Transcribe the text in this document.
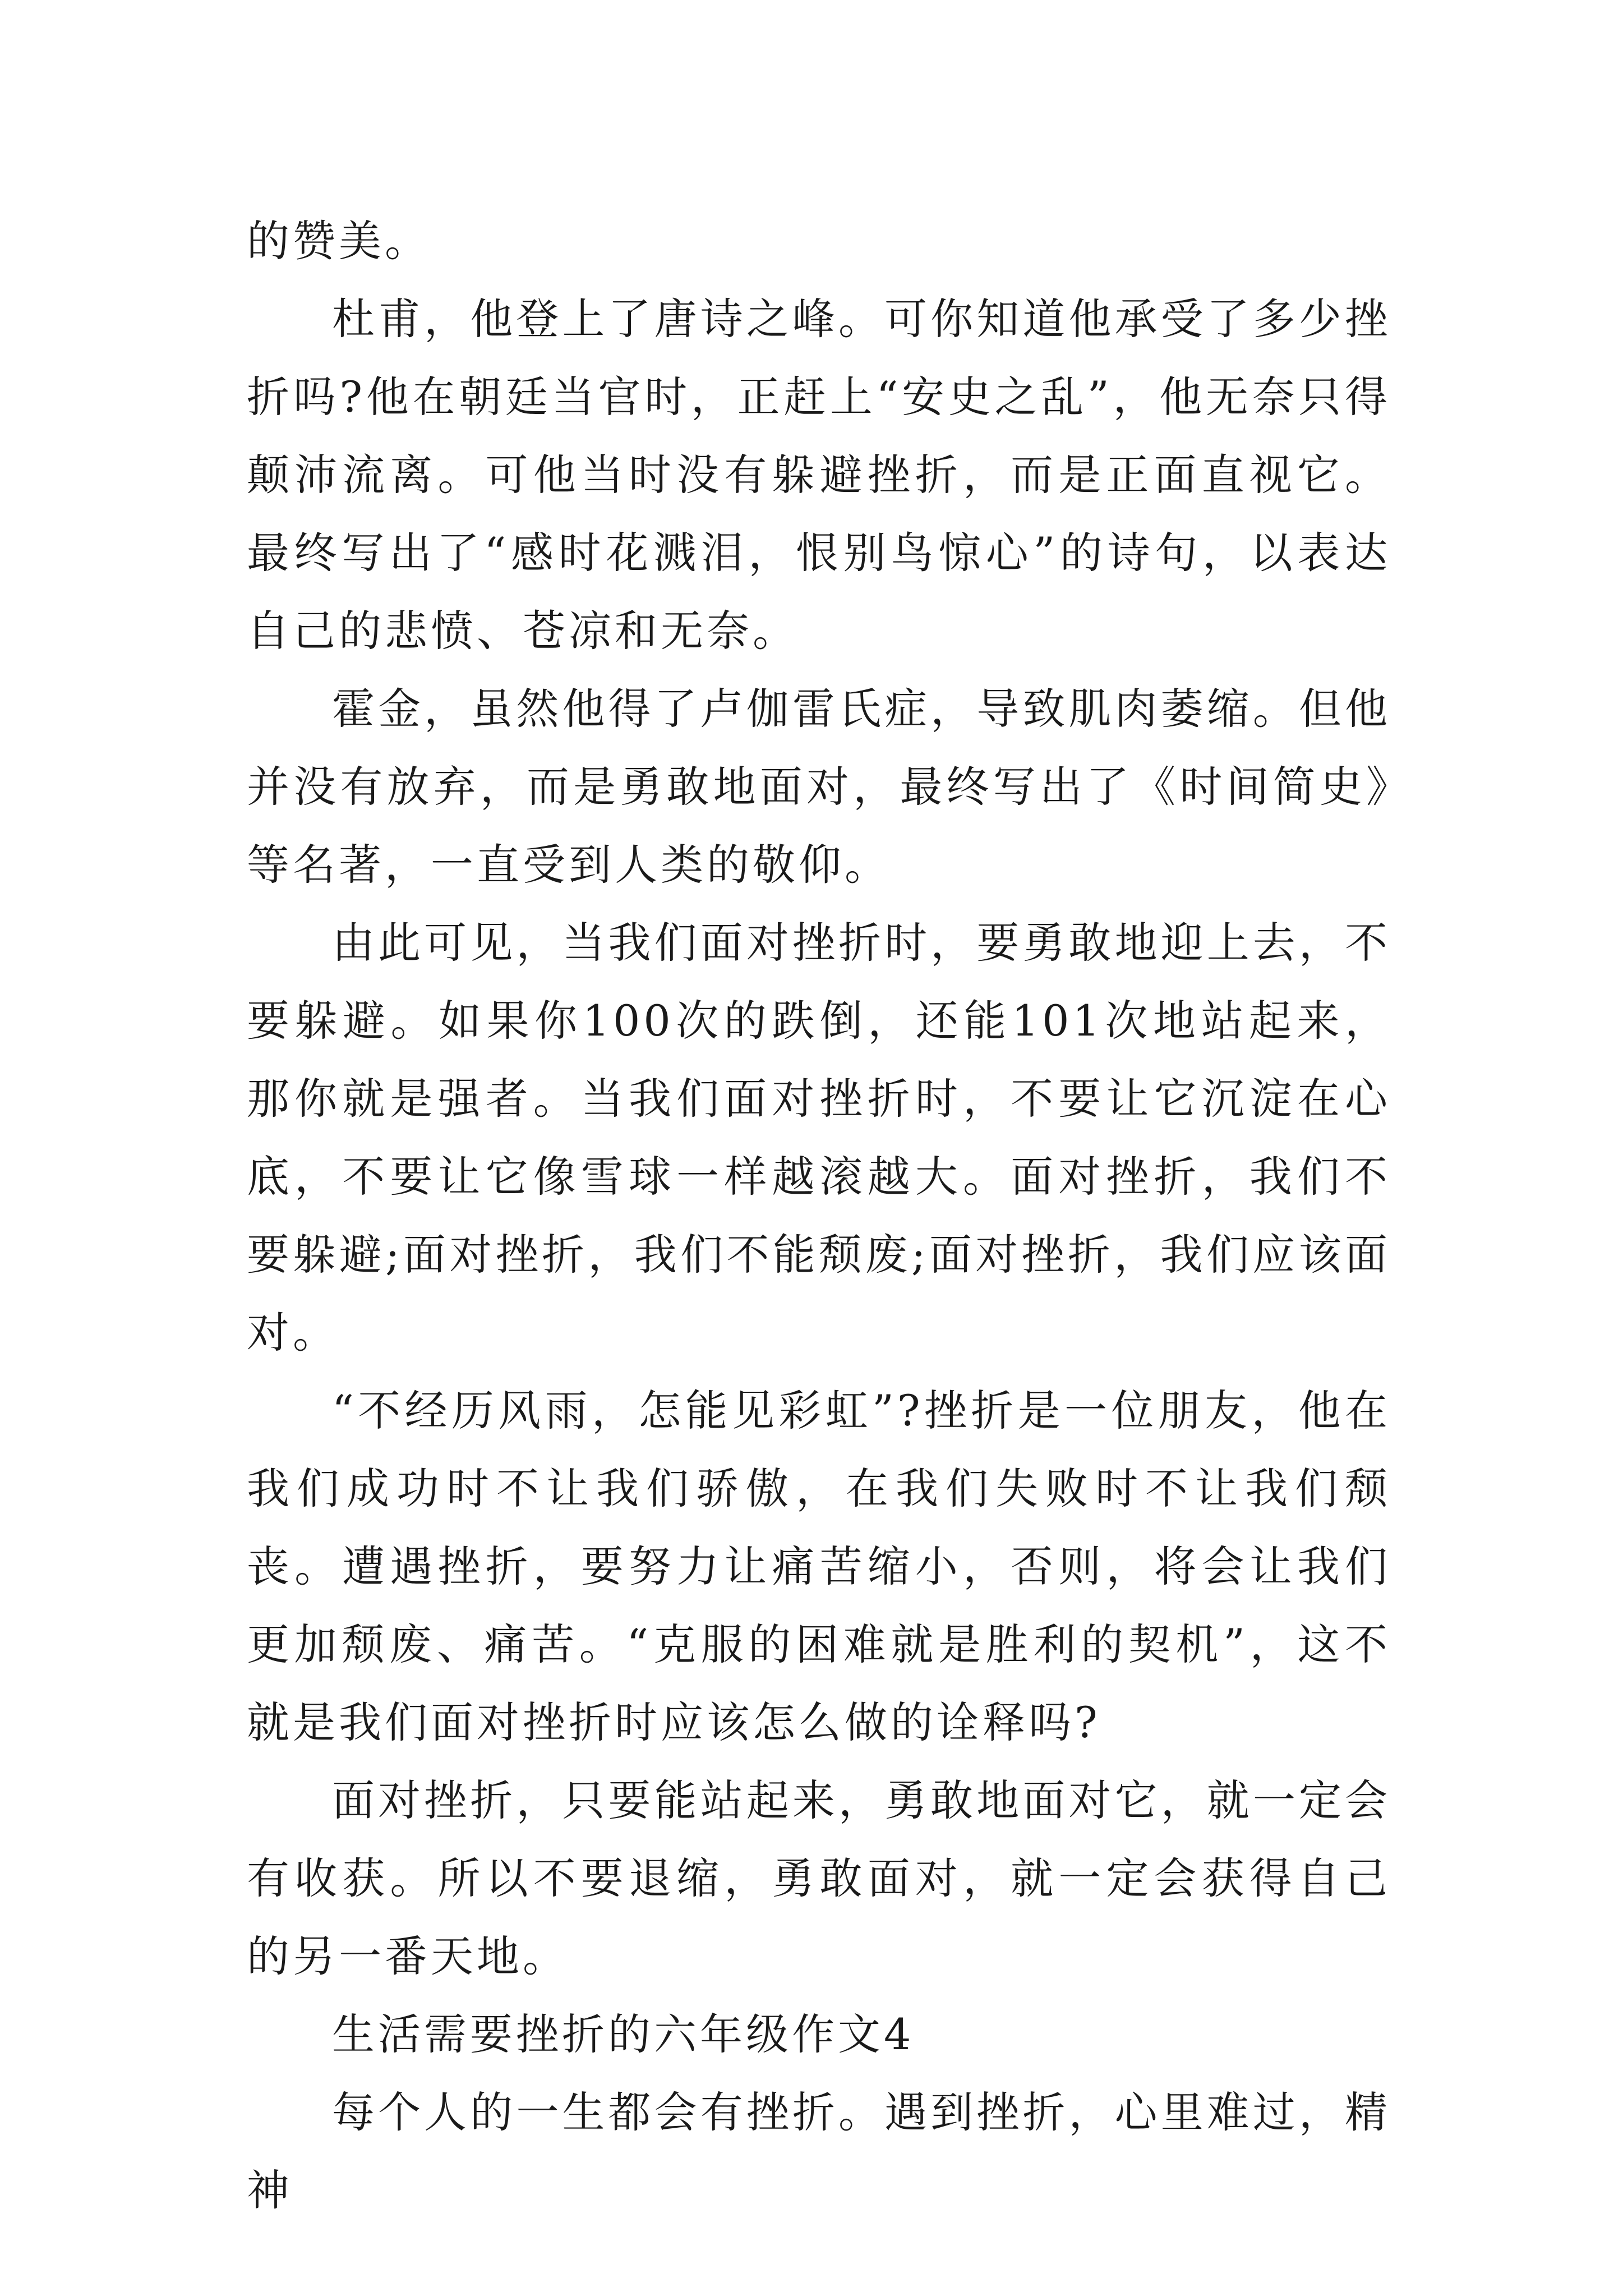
的赞美。

杜甫，他登上了唐诗之峰。可你知道他承受了多少挫折吗?他在朝廷当官时，正赶上“安史之乱”，他无奈只得颠沛流离。可他当时没有躲避挫折，而是正面直视它。最终写出了“感时花溅泪，恨别鸟惊心”的诗句，以表达自己的悲愤、苍凉和无奈。

霍金，虽然他得了卢伽雷氏症，导致肌肉萎缩。但他并没有放弃，而是勇敢地面对，最终写出了《时间简史》等名著，一直受到人类的敬仰。

由此可见，当我们面对挫折时，要勇敢地迎上去，不要躲避。如果你100次的跌倒，还能101次地站起来，那你就是强者。当我们面对挫折时，不要让它沉淀在心底，不要让它像雪球一样越滚越大。面对挫折，我们不要躲避;面对挫折，我们不能颓废;面对挫折，我们应该面对。

“不经历风雨，怎能见彩虹”?挫折是一位朋友，他在我们成功时不让我们骄傲，在我们失败时不让我们颓丧。遭遇挫折，要努力让痛苦缩小，否则，将会让我们更加颓废、痛苦。“克服的困难就是胜利的契机”，这不就是我们面对挫折时应该怎么做的诠释吗?

面对挫折，只要能站起来，勇敢地面对它，就一定会有收获。所以不要退缩，勇敢面对，就一定会获得自己的另一番天地。

生活需要挫折的六年级作文4

每个人的一生都会有挫折。遇到挫折，心里难过，精神
